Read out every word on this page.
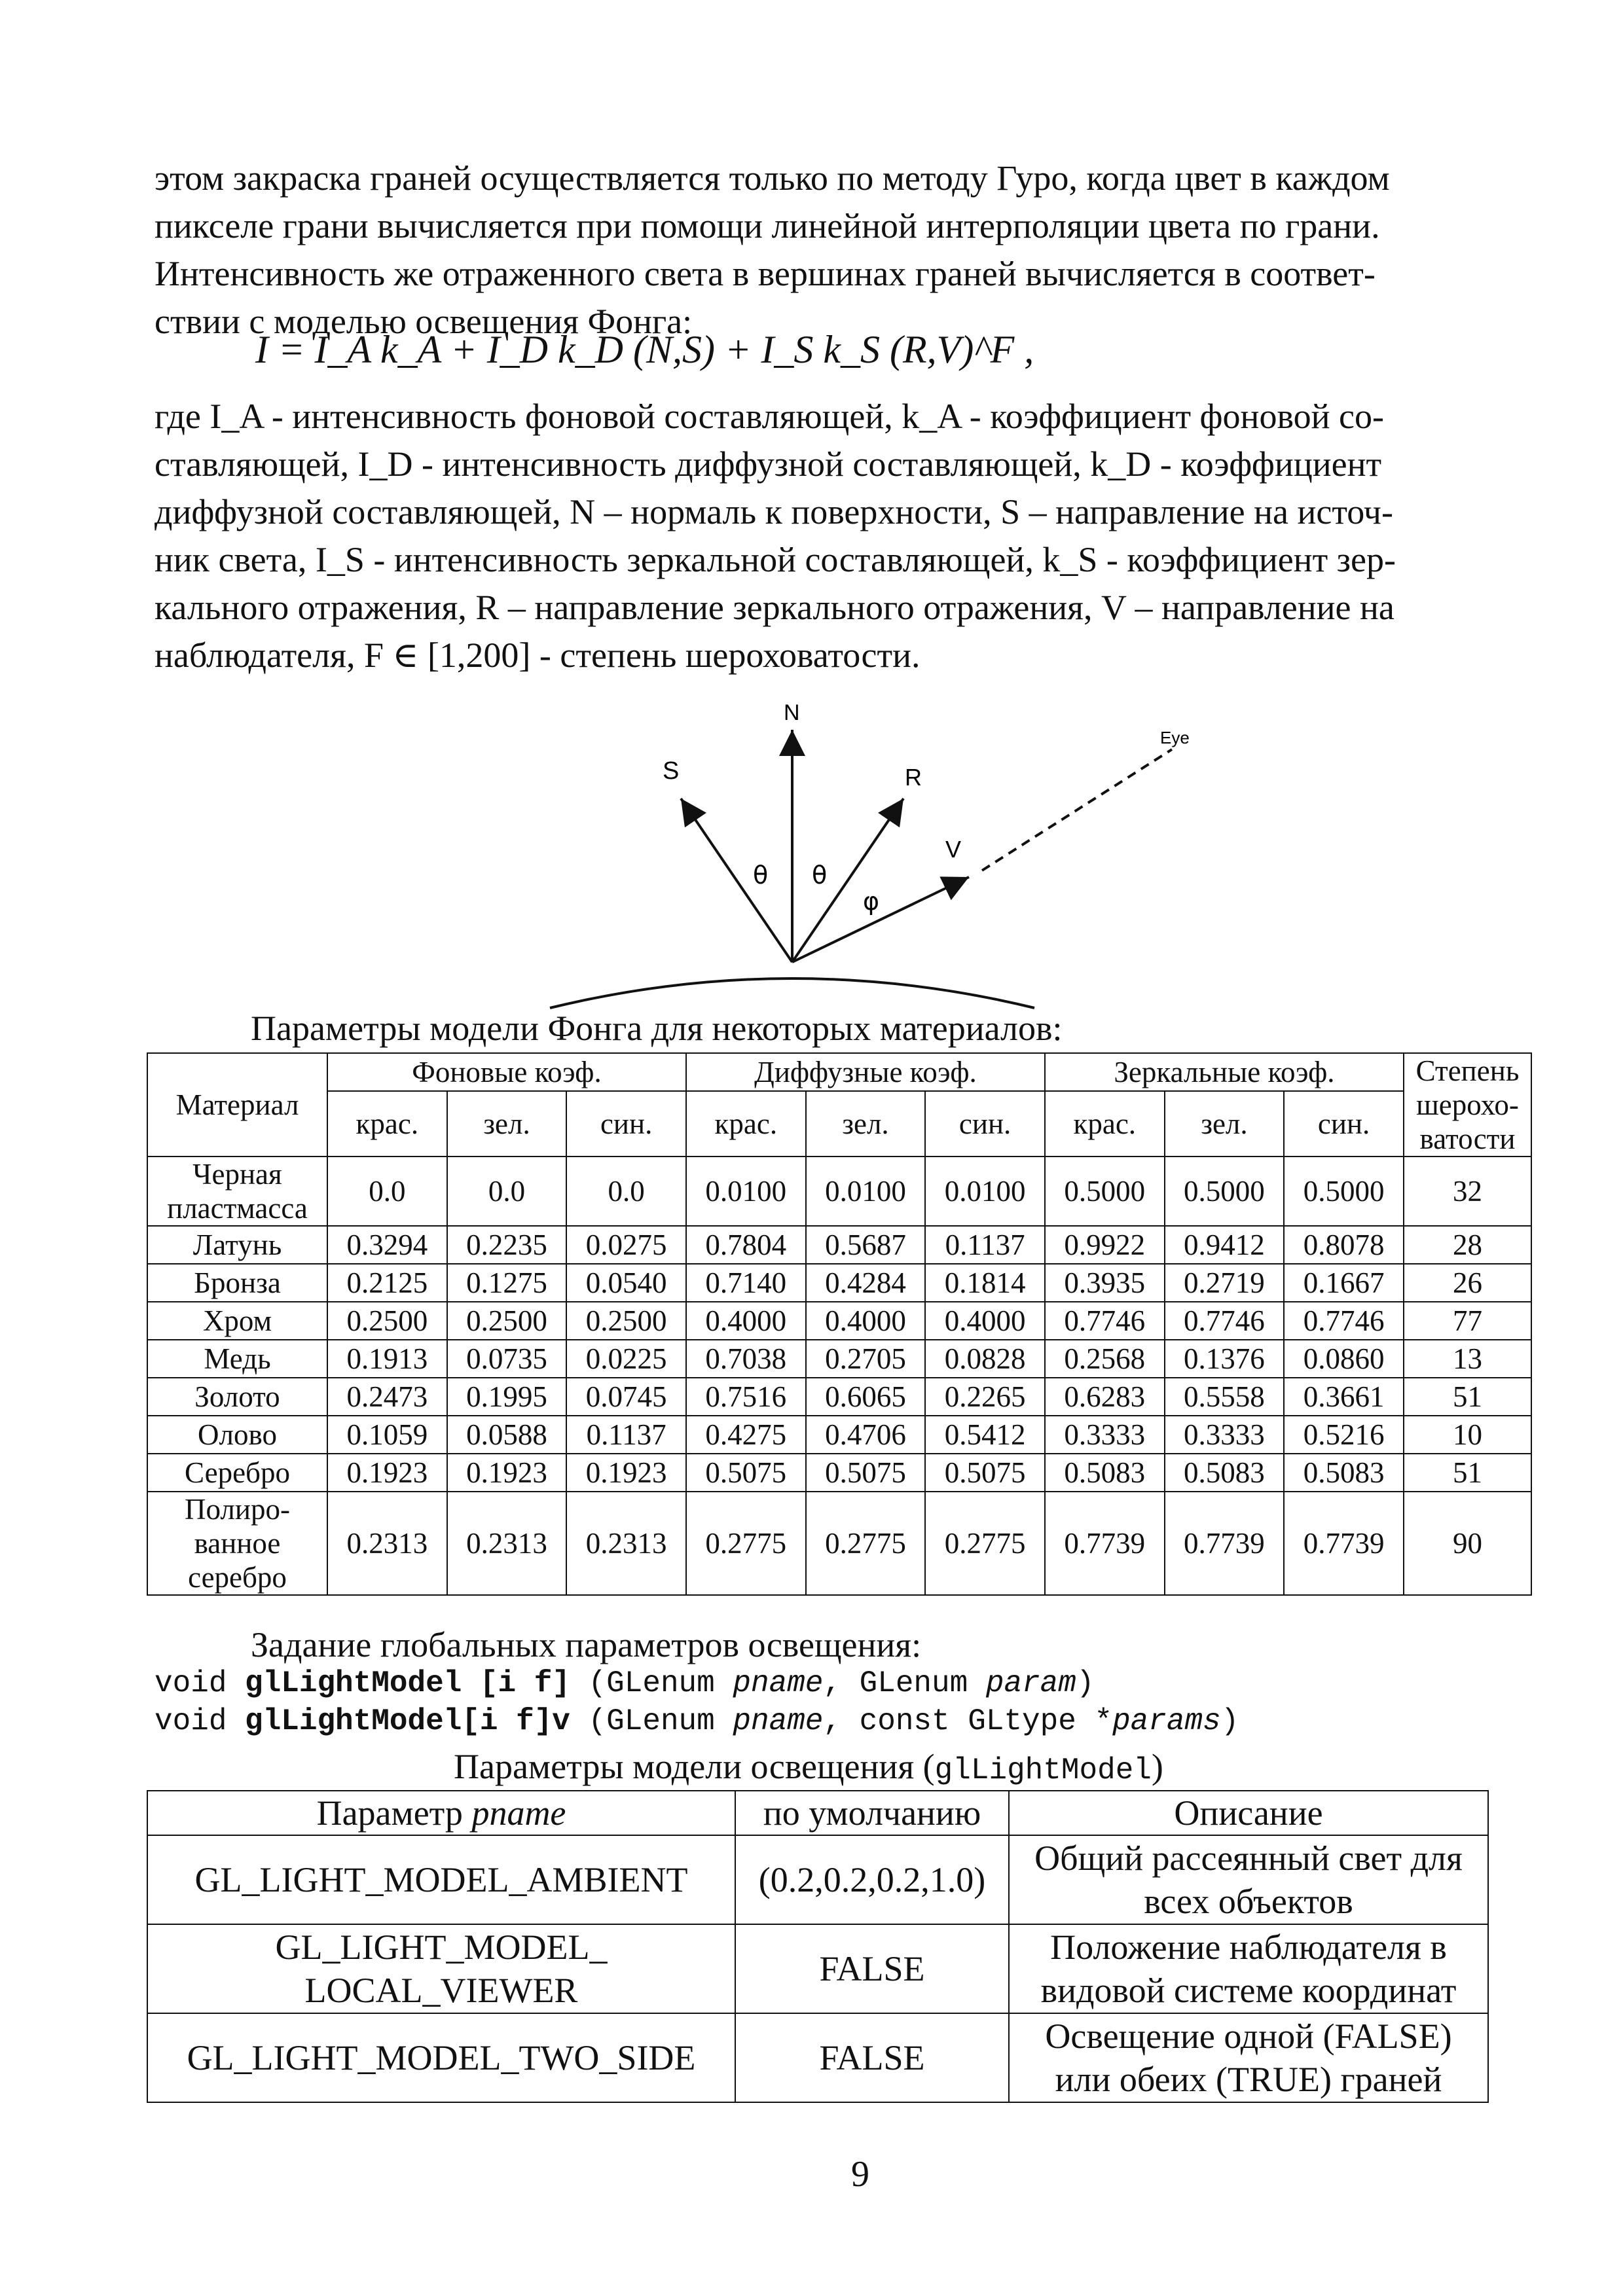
этом закраска граней осуществляется только по методу Гуро, когда цвет в каждом

пикселе грани вычисляется при помощи линейной интерполяции цвета по грани.

Интенсивность же отраженного света в вершинах граней вычисляется в соответ-

ствии с моделью освещения Фонга:

I = I_A k_A + I_D k_D (N,S) + I_S k_S (R,V)^F ,

где I_A - интенсивность фоновой составляющей, k_A - коэффициент фоновой со-

ставляющей, I_D - интенсивность диффузной составляющей, k_D - коэффициент

диффузной составляющей, N – нормаль к поверхности, S – направление на источ-

ник света, I_S - интенсивность зеркальной составляющей, k_S - коэффициент зер-

кального отражения, R – направление зеркального отражения, V – направление на

наблюдателя, F ∈ [1,200] - степень шероховатости.

N
S	R
V
Eye
θ θ
φ
Параметры модели Фонга для некоторых материалов:
Материал	Фоновые коэф.			Диффузные коэф.			Зеркальные коэф.			Степень шерохо-ватости
	крас.	зел.	син.	крас.	зел.	син.	крас.	зел.	син.	
Черная пластмасса	0.0	0.0	0.0	0.0100	0.0100	0.0100	0.5000	0.5000	0.5000	32
Латунь	0.3294	0.2235	0.0275	0.7804	0.5687	0.1137	0.9922	0.9412	0.8078	28
Бронза	0.2125	0.1275	0.0540	0.7140	0.4284	0.1814	0.3935	0.2719	0.1667	26
Хром	0.2500	0.2500	0.2500	0.4000	0.4000	0.4000	0.7746	0.7746	0.7746	77
Медь	0.1913	0.0735	0.0225	0.7038	0.2705	0.0828	0.2568	0.1376	0.0860	13
Золото	0.2473	0.1995	0.0745	0.7516	0.6065	0.2265	0.6283	0.5558	0.3661	51
Олово	0.1059	0.0588	0.1137	0.4275	0.4706	0.5412	0.3333	0.3333	0.5216	10
Серебро	0.1923	0.1923	0.1923	0.5075	0.5075	0.5075	0.5083	0.5083	0.5083	51
Полиро-ванное серебро	0.2313	0.2313	0.2313	0.2775	0.2775	0.2775	0.7739	0.7739	0.7739	90
Задание глобальных параметров освещения:
void glLightModel [i f] (GLenum pname, GLenum param)
void glLightModel[i f]v (GLenum pname, const GLtype *params)
Параметры модели освещения (glLightModel)
Параметр pname	по умолчанию	Описание
GL_LIGHT_MODEL_AMBIENT	(0.2,0.2,0.2,1.0)	Общий рассеянный свет для всех объектов
GL_LIGHT_MODEL_ LOCAL_VIEWER	FALSE	Положение наблюдателя в видовой системе координат
GL_LIGHT_MODEL_TWO_SIDE	FALSE	Освещение одной (FALSE) или обеих (TRUE) граней
9
